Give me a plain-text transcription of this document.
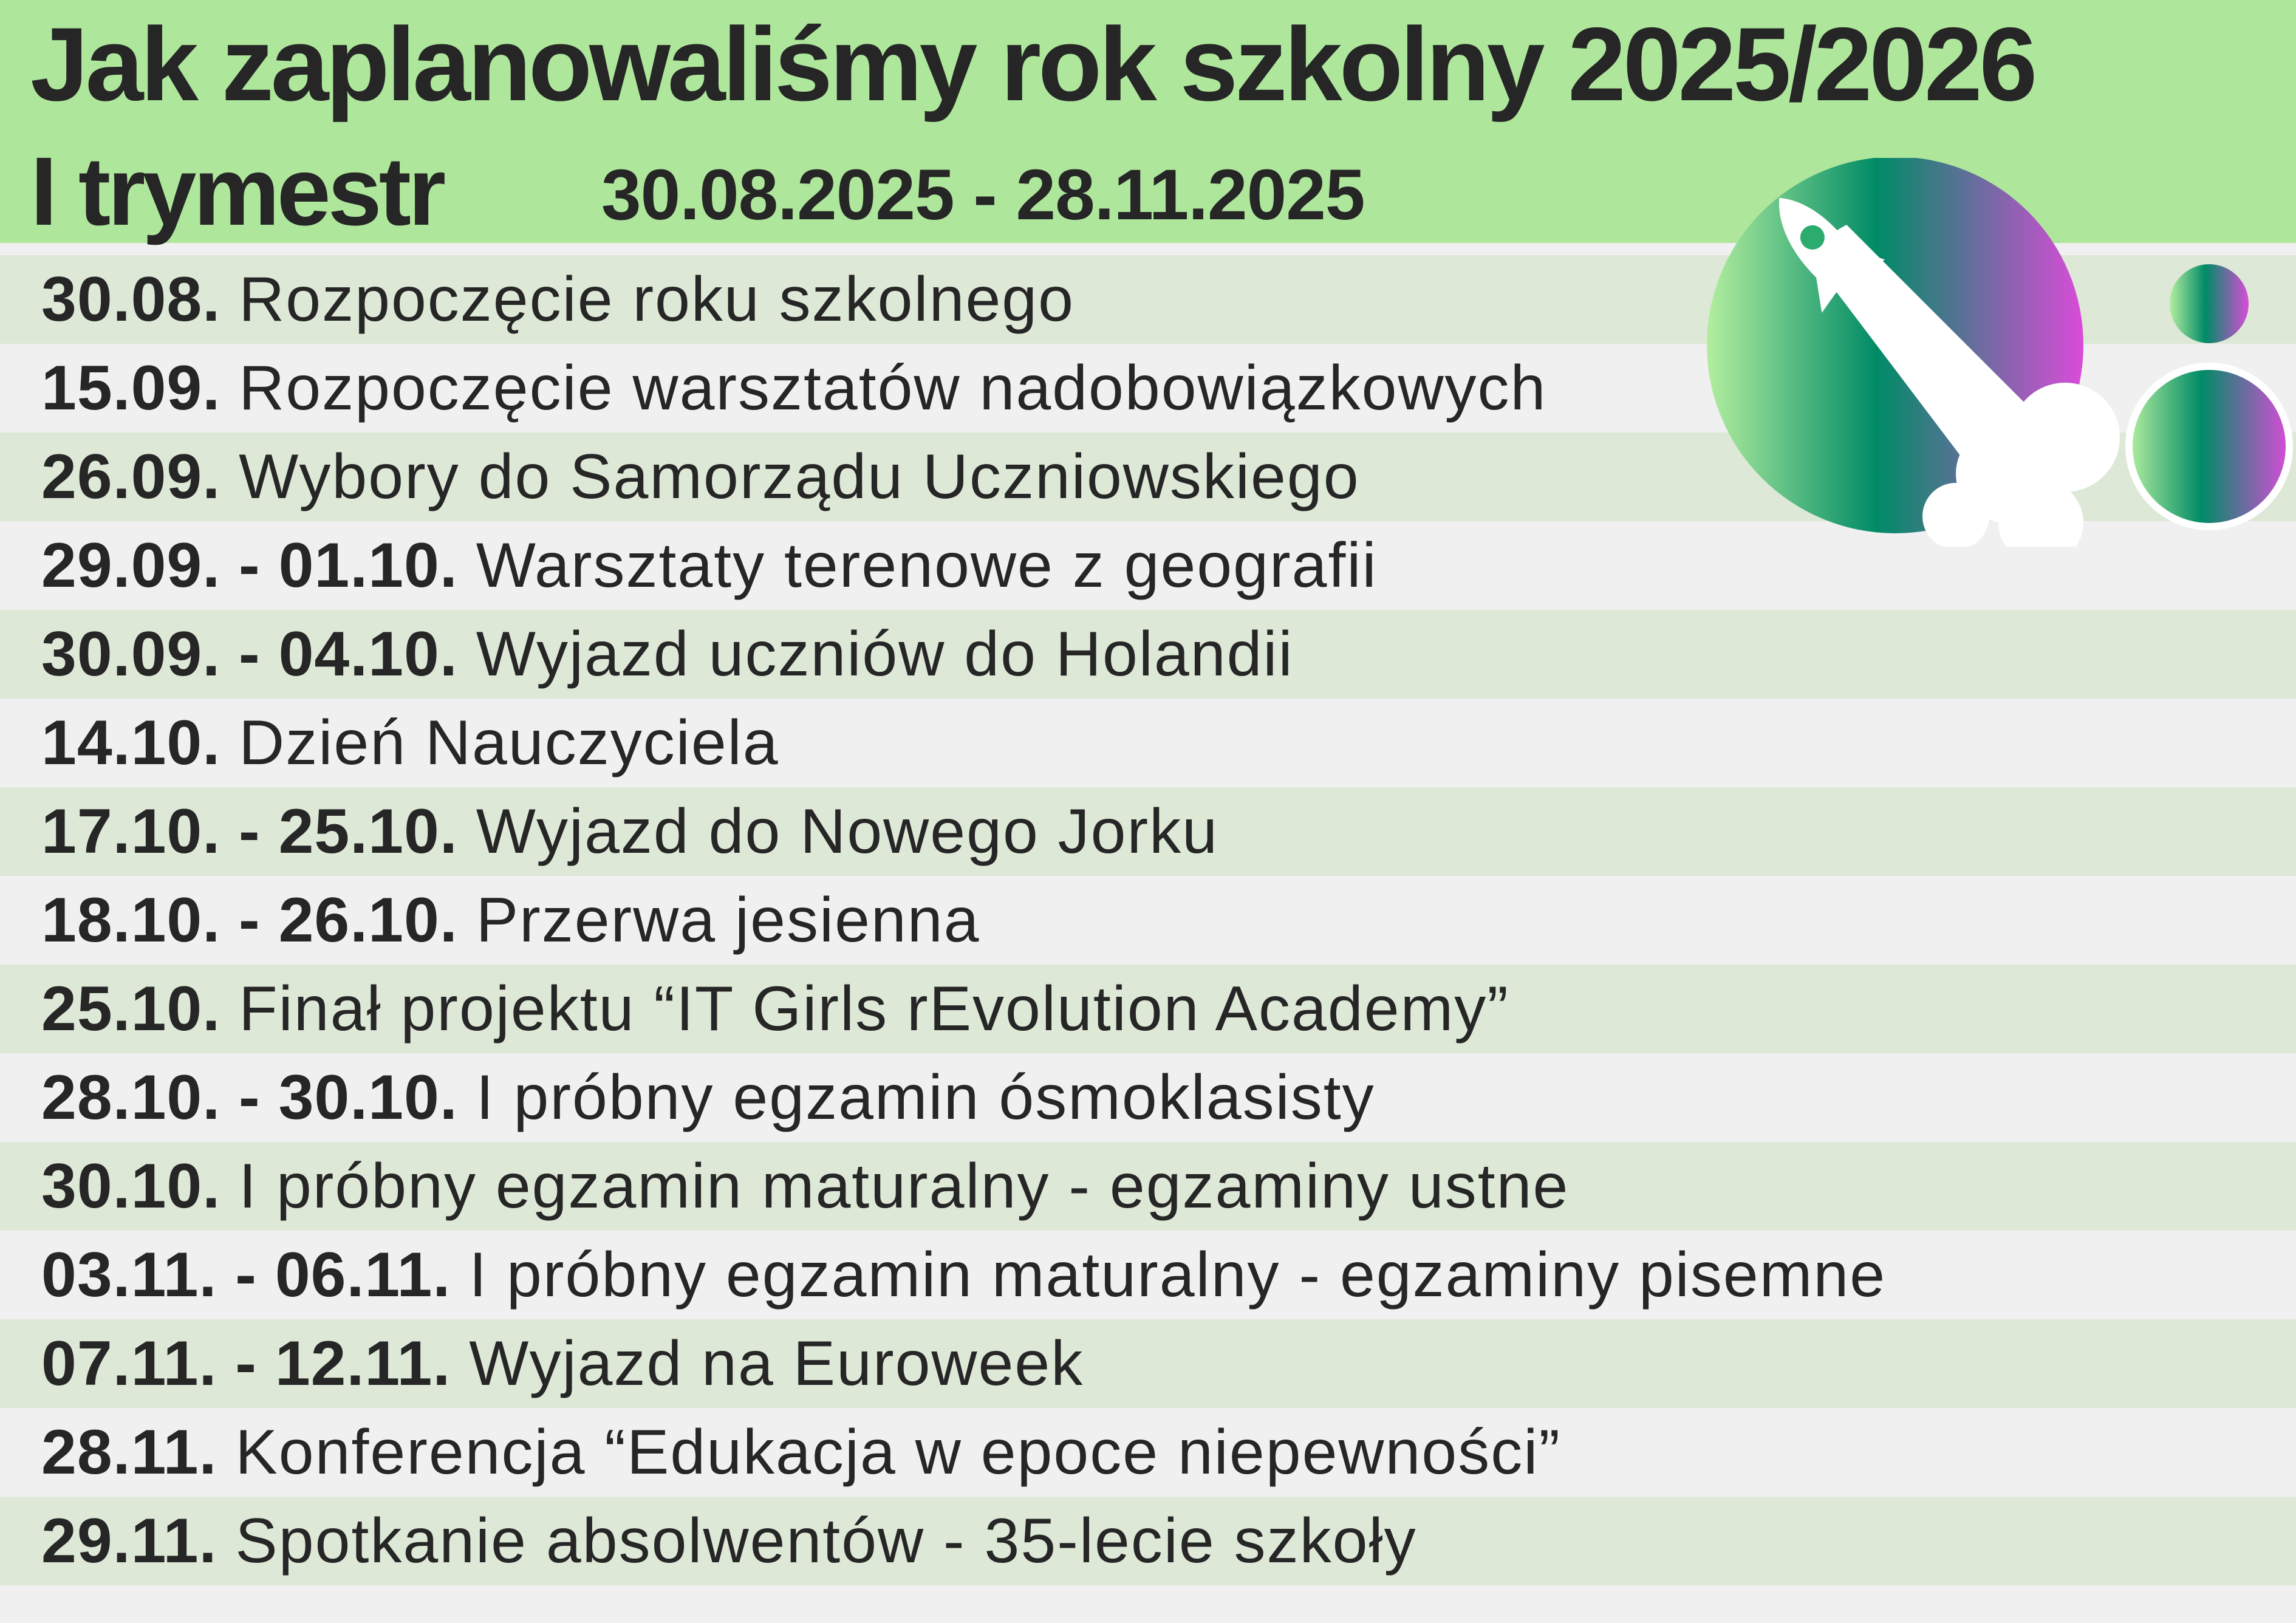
Jak zaplanowaliśmy rok szkolny 2025/2026
I trymestr 30.08.2025 - 28.11.2025
30.08. Rozpoczęcie roku szkolnego
15.09. Rozpoczęcie warsztatów nadobowiązkowych
26.09. Wybory do Samorządu Uczniowskiego
29.09. - 01.10. Warsztaty terenowe z geografii
30.09. - 04.10. Wyjazd uczniów do Holandii
14.10. Dzień Nauczyciela
17.10. - 25.10. Wyjazd do Nowego Jorku
18.10. - 26.10. Przerwa jesienna
25.10. Finał projektu “IT Girls rEvolution Academy”
28.10. - 30.10. I próbny egzamin ósmoklasisty
30.10. I próbny egzamin maturalny - egzaminy ustne
03.11. - 06.11. I próbny egzamin maturalny - egzaminy pisemne
07.11. - 12.11. Wyjazd na Euroweek
28.11. Konferencja “Edukacja w epoce niepewności”
29.11. Spotkanie absolwentów - 35-lecie szkoły
